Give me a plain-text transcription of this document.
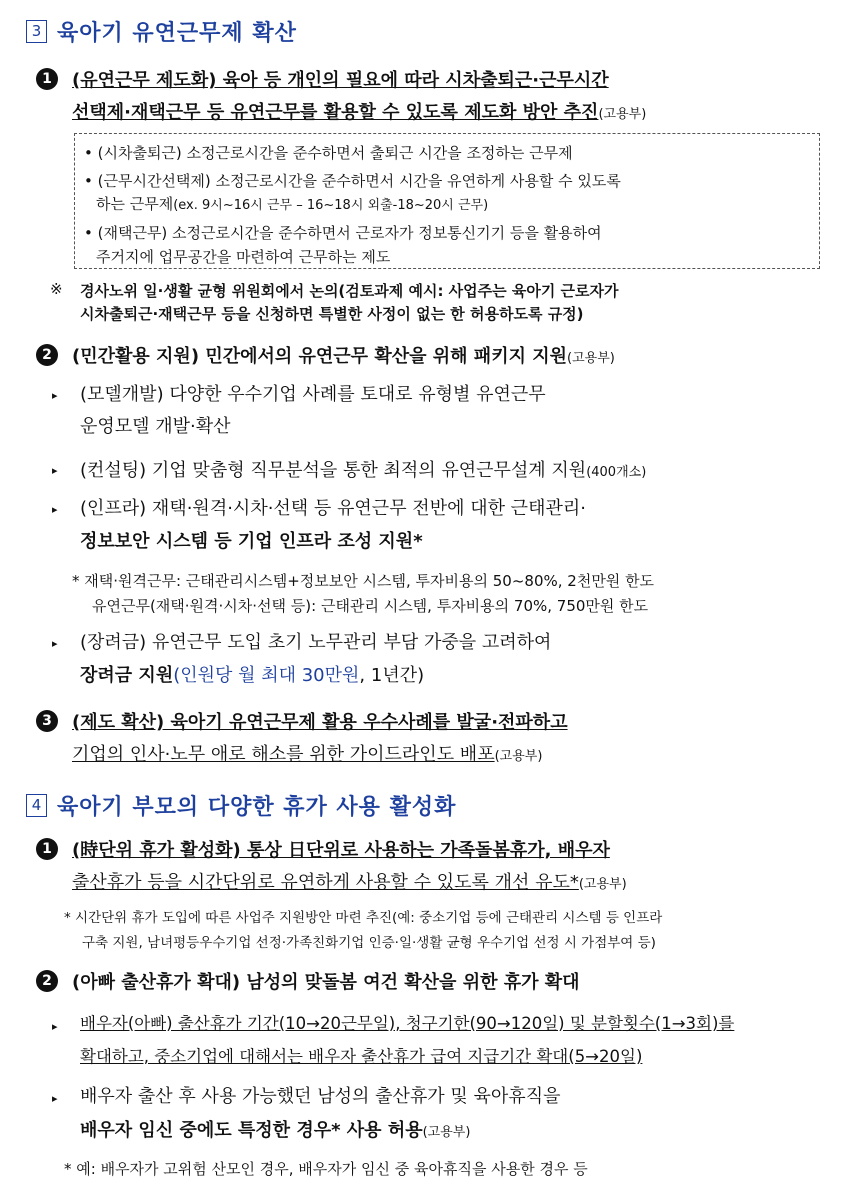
3 육아기 유연근무제 확산
1	(유연근무 제도화) 육아 등 개인의 필요에 따라 시차출퇴근·근무시간
선택제·재택근무 등 유연근무를 활용할 수 있도록 제도화 방안 추진(고용부)
• (시차출퇴근) 소정근로시간을 준수하면서 출퇴근 시간을 조정하는 근무제
• (근무시간선택제) 소정근로시간을 준수하면서 시간을 유연하게 사용할 수 있도록
하는 근무제(ex. 9시~16시 근무 – 16~18시 외출-18~20시 근무)
• (재택근무) 소정근로시간을 준수하면서 근로자가 정보통신기기 등을 활용하여
주거지에 업무공간을 마련하여 근무하는 제도
※ 경사노위 일·생활 균형 위원회에서 논의(검토과제 예시: 사업주는 육아기 근로자가
시차출퇴근·재택근무 등을 신청하면 특별한 사정이 없는 한 허용하도록 규정)
2	(민간활용 지원) 민간에서의 유연근무 확산을 위해 패키지 지원(고용부)
▸ (모델개발) 다양한 우수기업 사례를 토대로 유형별 유연근무
운영모델 개발·확산
▸ (컨설팅) 기업 맞춤형 직무분석을 통한 최적의 유연근무설계 지원(400개소)
▸ (인프라) 재택·원격·시차·선택 등 유연근무 전반에 대한 근태관리·
정보보안 시스템 등 기업 인프라 조성 지원*
* 재택·원격근무: 근태관리시스템+정보보안 시스템, 투자비용의 50~80%, 2천만원 한도
유연근무(재택·원격·시차·선택 등): 근태관리 시스템, 투자비용의 70%, 750만원 한도
▸ (장려금) 유연근무 도입 초기 노무관리 부담 가중을 고려하여
장려금 지원(인원당 월 최대 30만원, 1년간)
3	(제도 확산) 육아기 유연근무제 활용 우수사례를 발굴·전파하고
기업의 인사·노무 애로 해소를 위한 가이드라인도 배포(고용부)
4 육아기 부모의 다양한 휴가 사용 활성화
1	(時단위 휴가 활성화) 통상 日단위로 사용하는 가족돌봄휴가, 배우자
출산휴가 등을 시간단위로 유연하게 사용할 수 있도록 개선 유도*(고용부)
* 시간단위 휴가 도입에 따른 사업주 지원방안 마련 추진(예: 중소기업 등에 근태관리 시스템 등 인프라
구축 지원, 남녀평등우수기업 선정·가족친화기업 인증·일·생활 균형 우수기업 선정 시 가점부여 등)
2	(아빠 출산휴가 확대) 남성의 맞돌봄 여건 확산을 위한 휴가 확대
▸ 배우자(아빠) 출산휴가 기간(10→20근무일), 청구기한(90→120일) 및 분할횟수(1→3회)를
확대하고, 중소기업에 대해서는 배우자 출산휴가 급여 지급기간 확대(5→20일)
▸ 배우자 출산 후 사용 가능했던 남성의 출산휴가 및 육아휴직을
배우자 임신 중에도 특정한 경우* 사용 허용(고용부)
* 예: 배우자가 고위험 산모인 경우, 배우자가 임신 중 육아휴직을 사용한 경우 등
